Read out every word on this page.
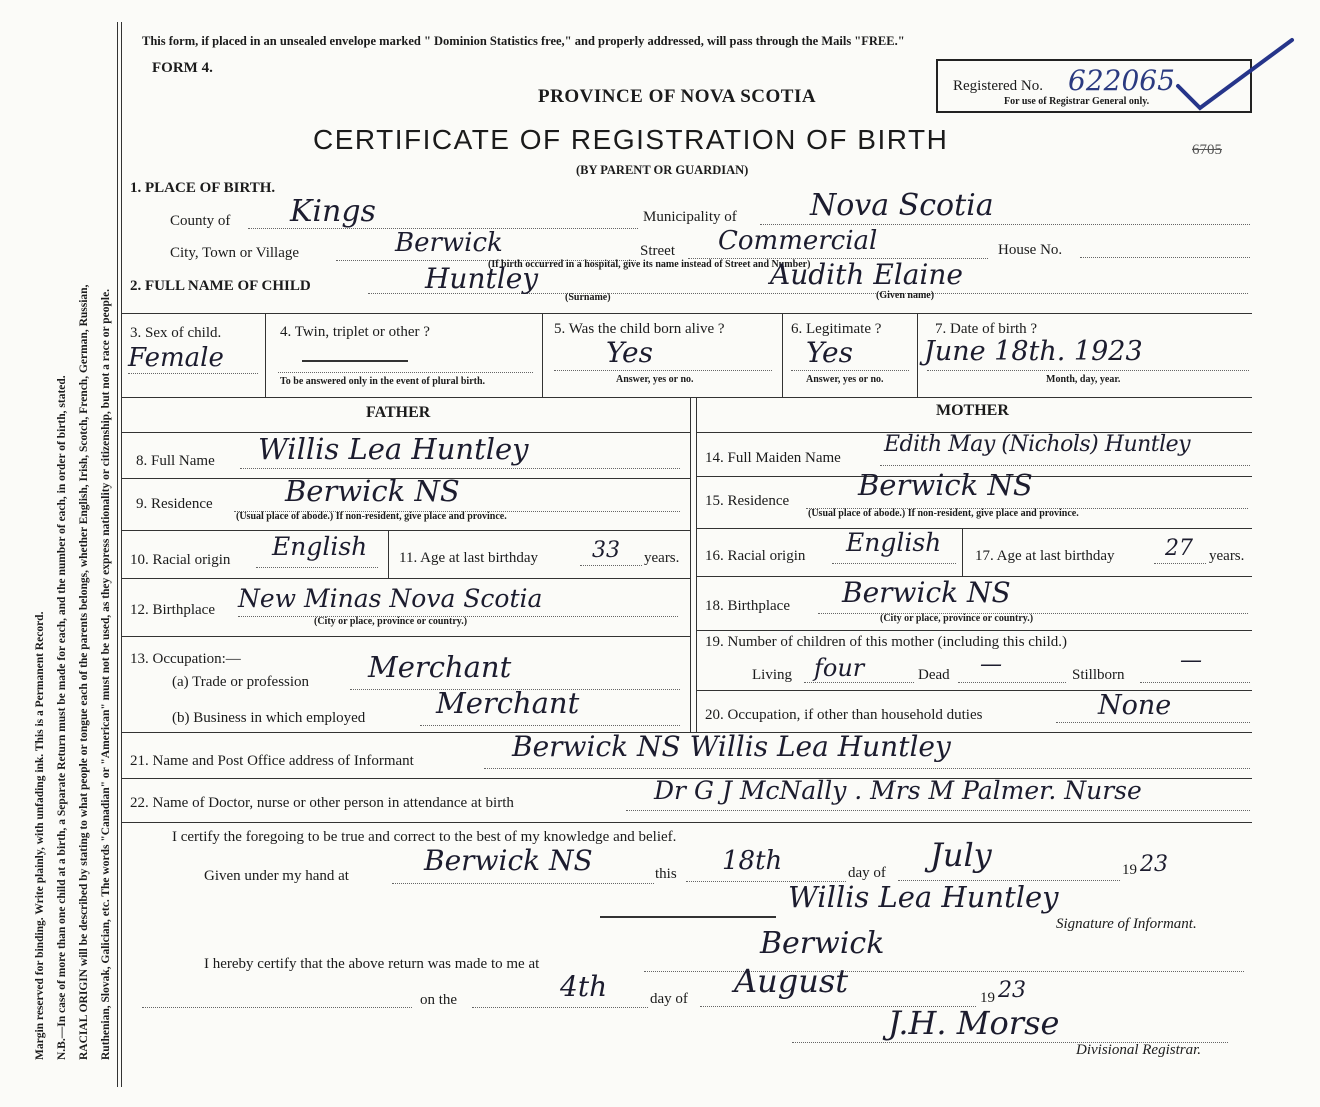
Margin reserved for binding. Write plainly, with unfading ink. This is a Permanent Record. N.B.—In case of more than one child at a birth, a Separate Return must be made for each, and the number of each, in order of birth, stated. RACIAL ORIGIN will be described by stating to what people or tongue each of the parents belongs, whether English, Irish, Scotch, French, German, Russian, Ruthenian, Slovak, Galician, etc. The words "Canadian" or "American" must not be used, as they express nationality or citizenship, but not a race or people.
This form, if placed in an unsealed envelope marked " Dominion Statistics free," and properly addressed, will pass through the Mails "FREE."
FORM 4.
PROVINCE OF NOVA SCOTIA
CERTIFICATE OF REGISTRATION OF BIRTH
(BY PARENT OR GUARDIAN)
Registered No. 622065
For use of Registrar General only.
6705
1. PLACE OF BIRTH.
County of Kings	Municipality of Nova Scotia
City, Town or Village	Berwick	Street Commercial	House No.
(If birth occurred in a hospital, give its name instead of Street and Number)
2. FULL NAME OF CHILD	Huntley	Audith Elaine
(Surname)	(Given name)
3. Sex of child.
Female
4. Twin, triplet or other ?
To be answered only in the event of plural birth.
5. Was the child born alive ?
Yes
Answer, yes or no.
6. Legitimate ?
Yes
Answer, yes or no.
7. Date of birth ?
June 18th. 1923
Month, day, year.
FATHER	MOTHER
8. Full Name Willis Lea Huntley
9. Residence Berwick NS
(Usual place of abode.) If non-resident, give place and province.
10. Racial origin English 11. Age at last birthday 33 years.
12. Birthplace New Minas Nova Scotia
(City or place, province or country.)
13. Occupation:—
(a) Trade or profession Merchant
(b) Business in which employed Merchant
14. Full Maiden Name
Edith May (Nichols) Huntley
15. Residence Berwick NS
(Usual place of abode.) If non-resident, give place and province.
16. Racial origin English 17. Age at last birthday 27 years.
18. Birthplace Berwick NS
(City or place, province or country.)
19. Number of children of this mother (including this child.)
Living four	Dead —	Stillborn
—
20. Occupation, if other than household duties	None
21. Name and Post Office address of Informant	Berwick NS Willis Lea Huntley
22. Name of Doctor, nurse or other person in attendance at birth	Dr G J McNally . Mrs M Palmer. Nurse
I certify the foregoing to be true and correct to the best of my knowledge and belief.
Given under my hand at	Berwick NS	this 18th	day of July	19 23
Willis Lea Huntley
Signature of Informant.
I hereby certify that the above return was made to me at
Berwick
on the	4th	day of August	19 23
J.H. Morse
Divisional Registrar.
